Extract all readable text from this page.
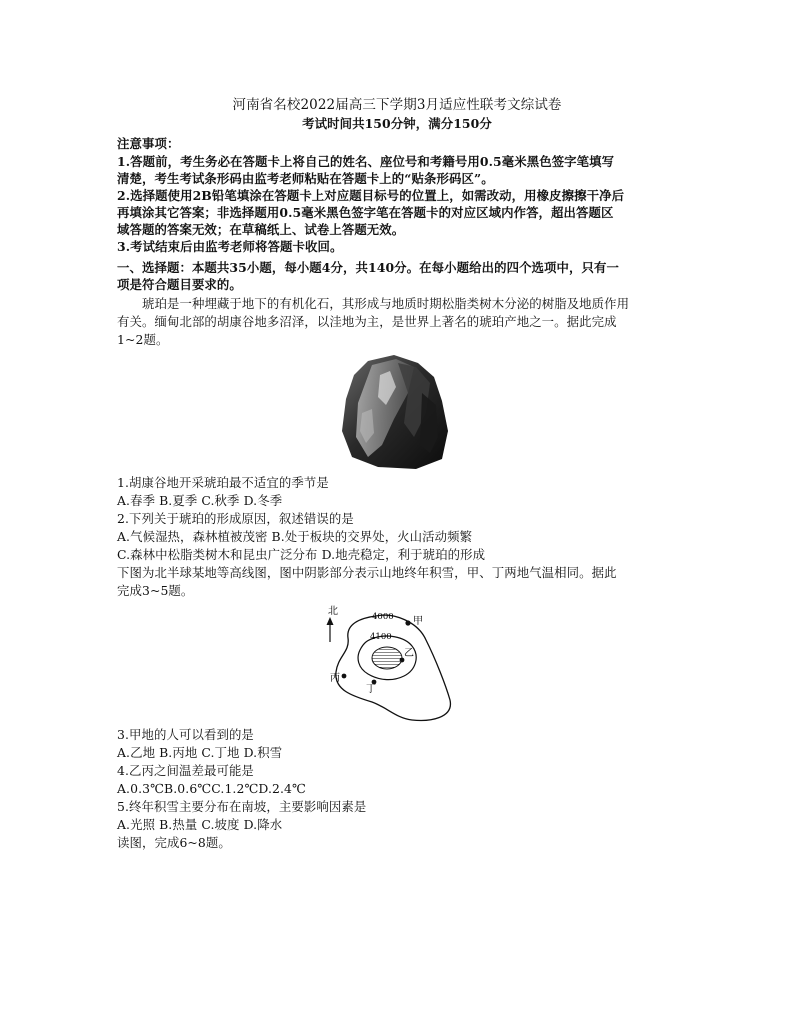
河南省名校2022届高三下学期3月适应性联考文综试卷
考试时间共150分钟，满分150分
注意事项：
1.答题前，考生务必在答题卡上将自己的姓名、座位号和考籍号用0.5毫米黑色签字笔填写
清楚，考生考试条形码由监考老师粘贴在答题卡上的“贴条形码区”。
2.选择题使用2B铅笔填涂在答题卡上对应题目标号的位置上，如需改动，用橡皮擦擦干净后
再填涂其它答案；非选择题用0.5毫米黑色签字笔在答题卡的对应区域内作答，超出答题区
域答题的答案无效；在草稿纸上、试卷上答题无效。
3.考试结束后由监考老师将答题卡收回。
一、选择题：本题共35小题，每小题4分，共140分。在每小题给出的四个选项中，只有一
项是符合题目要求的。
琥珀是一种埋藏于地下的有机化石，其形成与地质时期松脂类树木分泌的树脂及地质作用
有关。缅甸北部的胡康谷地多沼泽，以洼地为主，是世界上著名的琥珀产地之一。据此完成
1~2题。
1.胡康谷地开采琥珀最不适宜的季节是
A.春季 B.夏季 C.秋季 D.冬季
2.下列关于琥珀的形成原因，叙述错误的是
A.气候湿热，森林植被茂密 B.处于板块的交界处，火山活动频繁
C.森林中松脂类树木和昆虫广泛分布 D.地壳稳定，利于琥珀的形成
下图为北半球某地等高线图，图中阴影部分表示山地终年积雪，甲、丁两地气温相同。据此
完成3~5题。
北	4000
4100
甲
乙
丙
丁
3.甲地的人可以看到的是
A.乙地 B.丙地 C.丁地 D.积雪
4.乙丙之间温差最可能是
A.0.3℃B.0.6℃C.1.2℃D.2.4℃
5.终年积雪主要分布在南坡，主要影响因素是
A.光照 B.热量 C.坡度 D.降水
读图，完成6~8题。
